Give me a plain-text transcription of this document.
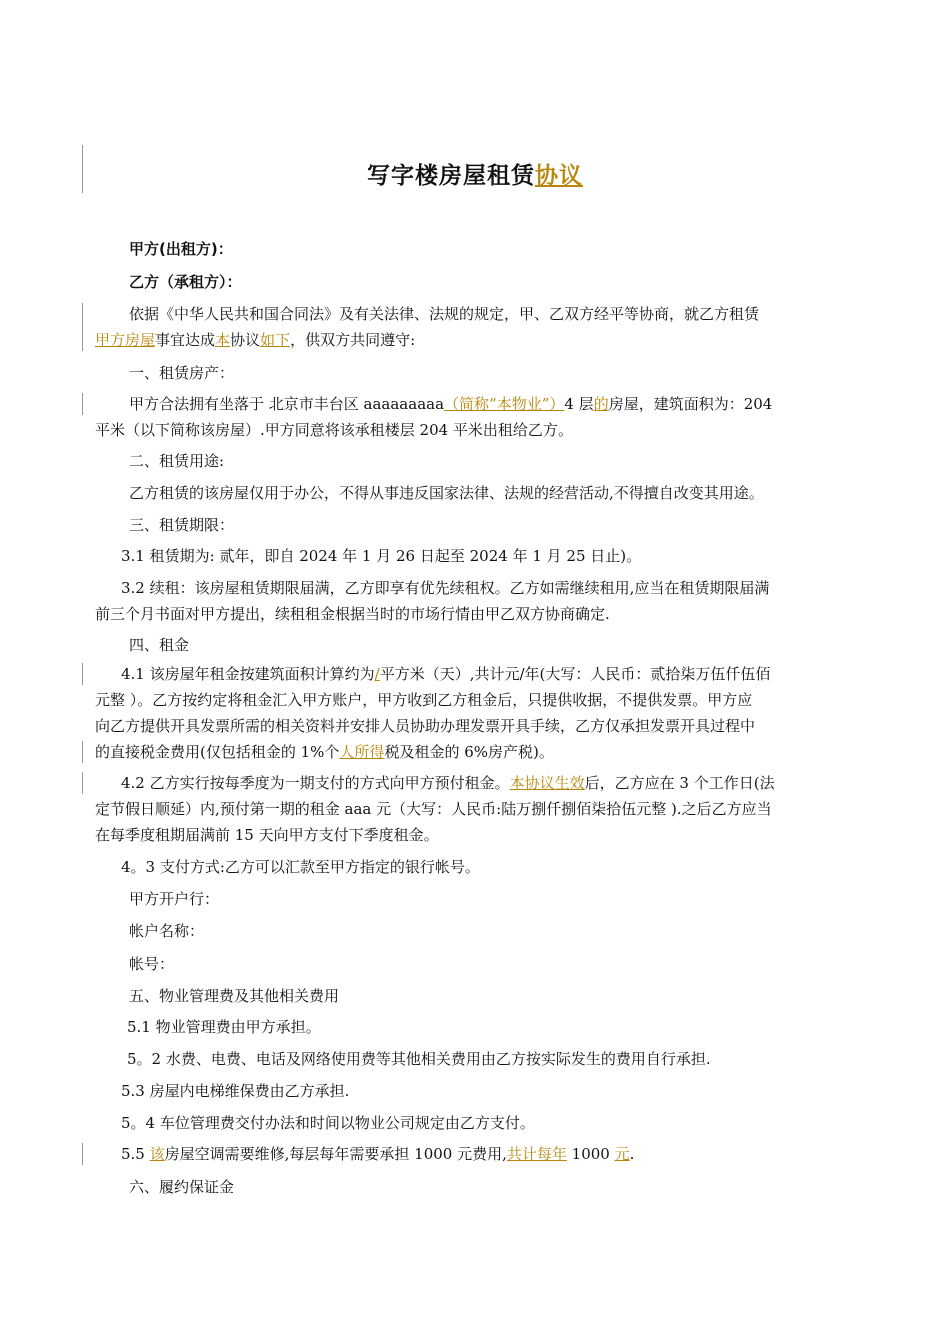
写字楼房屋租赁协议
甲方(出租方)：
乙方（承租方）：
依据《中华人民共和国合同法》及有关法律、法规的规定，甲、乙双方经平等协商，就乙方租赁
甲方房屋事宜达成本协议如下，供双方共同遵守:
一、租赁房产：
甲方合法拥有坐落于 北京市丰台区 aaaaaaaaa（简称“本物业”）4 层的房屋，建筑面积为：204
平米（以下简称该房屋）.甲方同意将该承租楼层 204 平米出租给乙方。
二、租赁用途:
乙方租赁的该房屋仅用于办公，不得从事违反国家法律、法规的经营活动,不得擅自改变其用途。
三、租赁期限：
3.1 租赁期为: 贰年，即自 2024 年 1 月 26 日起至 2024 年 1 月 25 日止)。
3.2 续租：该房屋租赁期限届满，乙方即享有优先续租权。乙方如需继续租用,应当在租赁期限届满
前三个月书面对甲方提出，续租租金根据当时的市场行情由甲乙双方协商确定.
四、租金
4.1 该房屋年租金按建筑面积计算约为/平方米（天）,共计元/年(大写：人民币：贰拾柒万伍仟伍佰
元整 ）。乙方按约定将租金汇入甲方账户，甲方收到乙方租金后，只提供收据，不提供发票。甲方应
向乙方提供开具发票所需的相关资料并安排人员协助办理发票开具手续，乙方仅承担发票开具过程中
的直接税金费用(仅包括租金的 1%个人所得税及租金的 6%房产税)。
4.2 乙方实行按每季度为一期支付的方式向甲方预付租金。本协议生效后，乙方应在 3 个工作日(法
定节假日顺延）内,预付第一期的租金 aaa 元（大写：人民币:陆万捌仟捌佰柒拾伍元整 ).之后乙方应当
在每季度租期届满前 15 天向甲方支付下季度租金。
4。3 支付方式:乙方可以汇款至甲方指定的银行帐号。
甲方开户行：
帐户名称：
帐号：
五、物业管理费及其他相关费用
5.1 物业管理费由甲方承担。
5。2 水费、电费、电话及网络使用费等其他相关费用由乙方按实际发生的费用自行承担.
5.3 房屋内电梯维保费由乙方承担.
5。4 车位管理费交付办法和时间以物业公司规定由乙方支付。
5.5 该房屋空调需要维修,每层每年需要承担 1000 元费用,共计每年 1000 元.
六、履约保证金
